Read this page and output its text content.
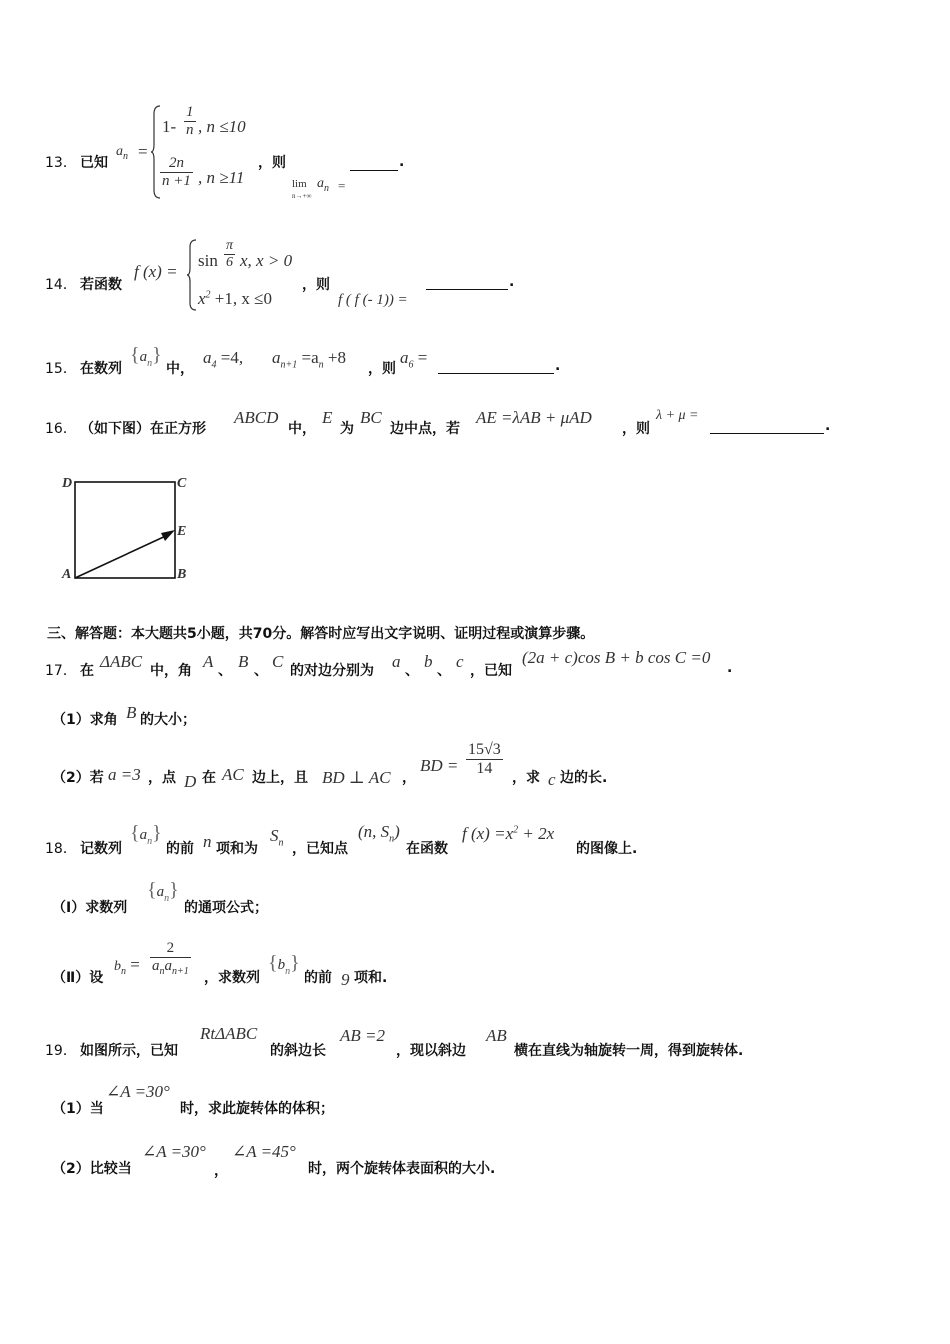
13． 已知
$a_n$ =
$1- \frac{1}{n}$ , n ≤10
$\frac{2n}{n +1}$ , n ≥11
，则
lim
n→+∞
$a_n$ =
.
14． 若函数
f (x) =
$\sin \frac{\pi}{6} x$, x > 0
$x^2 +1$, x ≤0
，则
f ( f (- 1)) =
.
15． 在数列
$\{a_n\}$
中，
$a_4 =4$, $a_{n+1} =a_n +8$
，则
$a_6$ =	.
16． （如下图）在正方形
ABCD
中，
E
为
BC
边中点，若
AE =λAB + μAD
，则
λ + μ =
.
D	C
E
A	B
三、解答题：本大题共5小题，共70分。解答时应写出文字说明、证明过程或演算步骤。
17． 在 ΔABC 中，角 A 、 B 、 C 的对边分别为 a 、 b 、 c ，已知
(2a + c)cos B + b cos C =0
.
（1）求角 B 的大小；
（2）若 a =3 ，点 D 在 AC 边上，且 BD ⊥ AC ，
BD = $\frac{15√3}{14}$ ，求 c 边的长.
18． 记数列
$\{a_n\}$
的前 n 项和为
$S_n$ ，已知点
(n, $S_n$)
在函数
f $(x) =x^2 + 2x$
的图像上.
（Ⅰ）求数列
$\{a_n\}$
的通项公式；
（Ⅱ）设
$b_n$ =
2
$a_na_{n+1}$ ，求数列
$\{b_n\}$
的前 9 项和.
19． 如图所示，已知
RtΔABC
的斜边长
AB =2
，现以斜边
AB
横在直线为轴旋转一周，得到旋转体.
（1）当
∠A =30°
时，求此旋转体的体积；
（2）比较当
∠A =30°
，
∠A =45°
时，两个旋转体表面积的大小.
